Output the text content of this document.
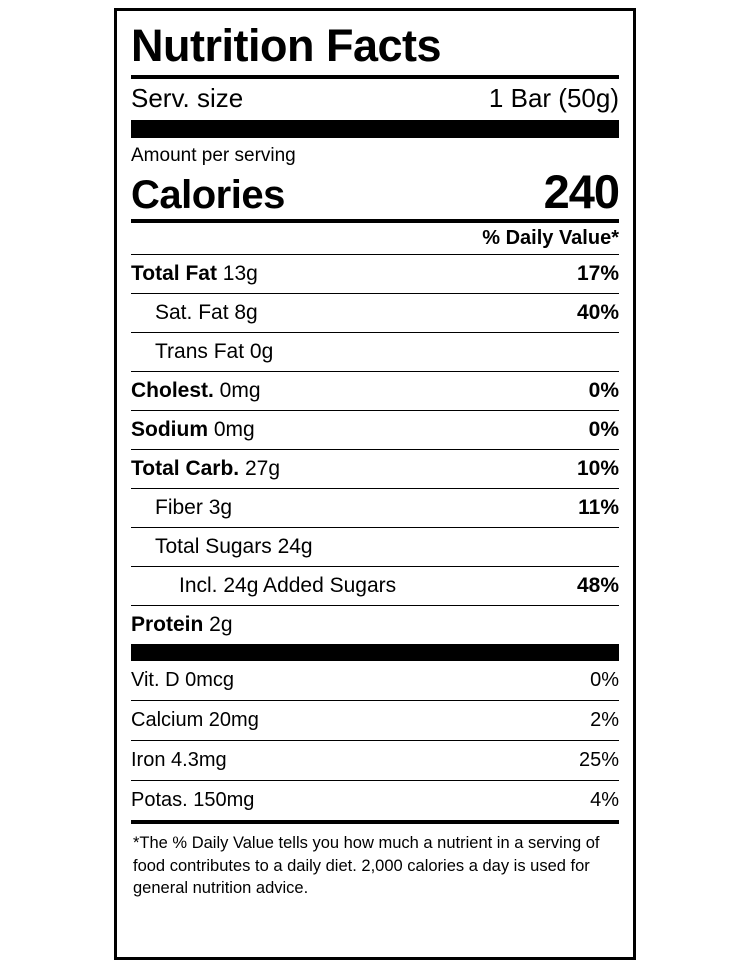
Nutrition Facts
Serv. size	1 Bar (50g)
Amount per serving
Calories	240
% Daily Value*
Total Fat 13g	17%
Sat. Fat 8g	40%
Trans Fat 0g
Cholest. 0mg	0%
Sodium 0mg	0%
Total Carb. 27g	10%
Fiber 3g	11%
Total Sugars 24g
Incl. 24g Added Sugars	48%
Protein 2g
Vit. D 0mcg	0%
Calcium 20mg	2%
Iron 4.3mg	25%
Potas. 150mg	4%
*The % Daily Value tells you how much a nutrient in a serving of food contributes to a daily diet. 2,000 calories a day is used for general nutrition advice.
